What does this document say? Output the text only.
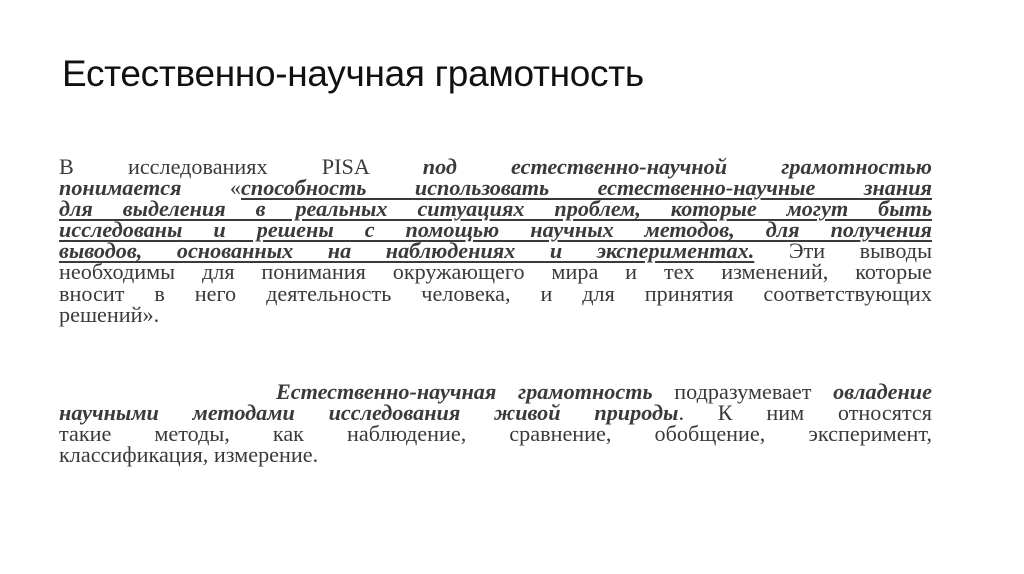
Естественно-научная грамотность
В исследованиях PISA под естественно-научной грамотностью
понимается «способность использовать естественно-научные знания
для выделения в реальных ситуациях проблем, которые могут быть
исследованы и решены с помощью научных методов, для получения
выводов, основанных на наблюдениях и экспериментах. Эти выводы
необходимы для понимания окружающего мира и тех изменений, которые
вносит в него деятельность человека, и для принятия соответствующих
решений».
Естественно-научная грамотность подразумевает овладение
научными методами исследования живой природы. К ним относятся
такие методы, как наблюдение, сравнение, обобщение, эксперимент,
классификация, измерение.
